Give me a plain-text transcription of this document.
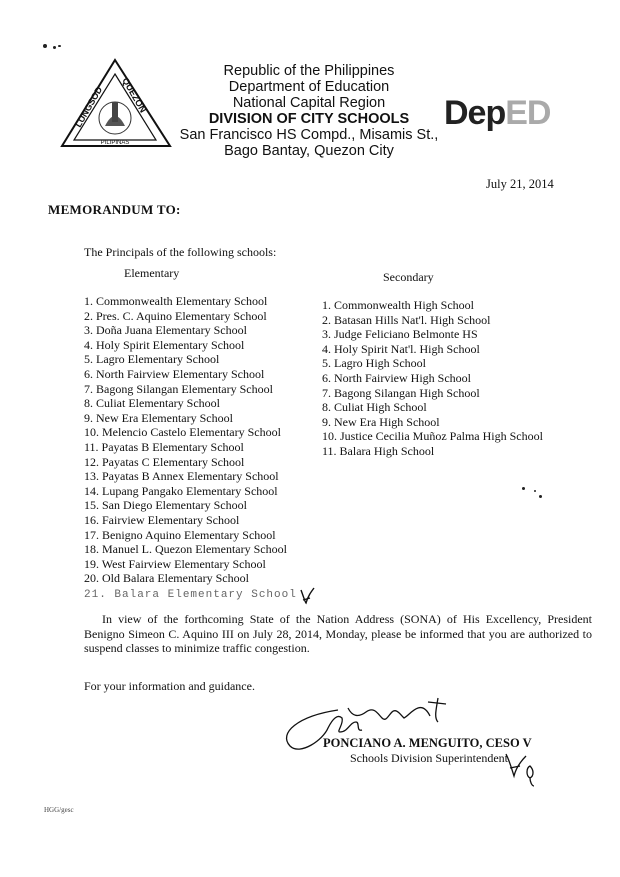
LUNGSOD QUEZON
PILIPINAS
Republic of the Philippines
Department of Education
National Capital Region
DIVISION OF CITY SCHOOLS
San Francisco HS Compd., Misamis St.,
Bago Bantay, Quezon City
DepED
July 21, 2014
MEMORANDUM TO:
The Principals of the following schools:
Elementary	Secondary
1. Commonwealth Elementary School
2. Pres. C. Aquino Elementary School
3. Doña Juana Elementary School
4. Holy Spirit Elementary School
5. Lagro Elementary School
6. North Fairview Elementary School
7. Bagong Silangan Elementary School
8. Culiat Elementary School
9. New Era Elementary School
10. Melencio Castelo Elementary School
11. Payatas B Elementary School
12. Payatas C Elementary School
13. Payatas B Annex Elementary School
14. Lupang Pangako Elementary School
15. San Diego Elementary School
16. Fairview Elementary School
17. Benigno Aquino Elementary School
18. Manuel L. Quezon Elementary School
19. West Fairview Elementary School
20. Old Balara Elementary School
21. Balara Elementary School
1. Commonwealth High School
2. Batasan Hills Nat'l. High School
3. Judge Feliciano Belmonte HS
4. Holy Spirit Nat'l. High School
5. Lagro High School
6. North Fairview High School
7. Bagong Silangan High School
8. Culiat High School
9. New Era High School
10. Justice Cecilia Muñoz Palma High School
11. Balara High School
In view of the forthcoming State of the Nation Address (SONA) of His Excellency, President Benigno Simeon C. Aquino III on July 28, 2014, Monday, please be informed that you are authorized to suspend classes to minimize traffic congestion.
For your information and guidance.
PONCIANO A. MENGUITO, CESO V
Schools Division Superintendent
HGG/gesc
